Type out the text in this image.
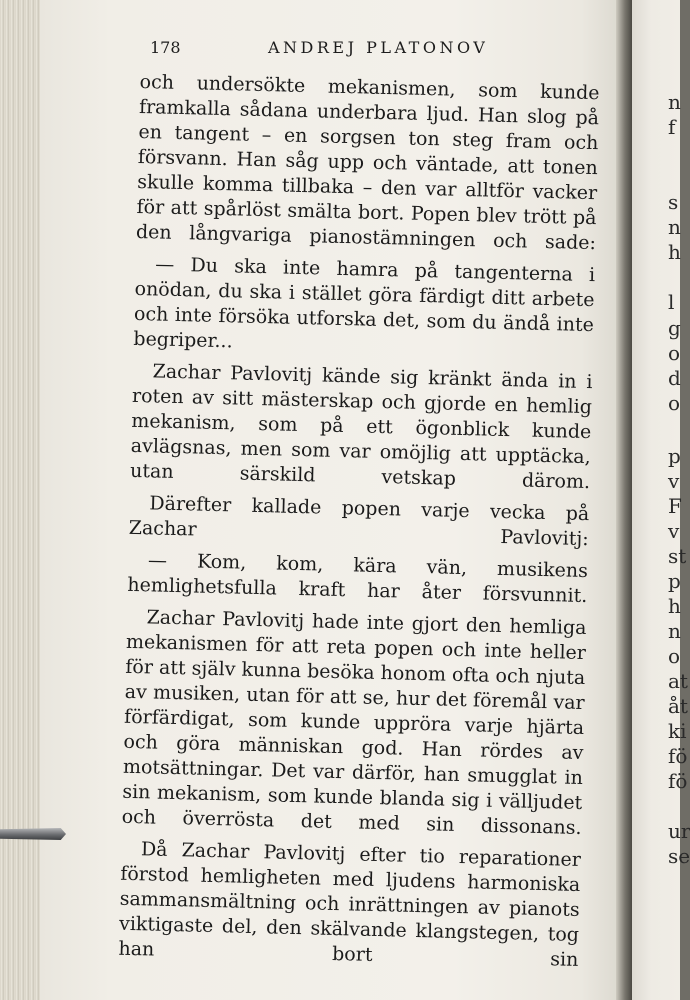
n
f
s
n
h
l
g
o
d
o
p
v
F
v
st
p
h
n
o
at
åt
ki
fö
fö
ur
se
178	ANDREJ PLATONOV

och undersökte mekanismen, som kunde framkalla sådana underbara ljud. Han slog på en tangent – en sorgsen ton steg fram och försvann. Han såg upp och väntade, att tonen skulle komma tillbaka – den var alltför vacker för att spårlöst smälta bort. Popen blev trött på den långvariga pianostämningen och sade:

— Du ska inte hamra på tangenterna i onödan, du ska i stället göra färdigt ditt arbete och inte försöka utforska det, som du ändå inte begriper...

Zachar Pavlovitj kände sig kränkt ända in i roten av sitt mästerskap och gjorde en hemlig mekanism, som på ett ögonblick kunde avlägsnas, men som var omöjlig att upptäcka, utan särskild vetskap därom.

Därefter kallade popen varje vecka på Zachar Pavlovitj:

— Kom, kom, kära vän, musikens hemlighetsfulla kraft har åter försvunnit.

Zachar Pavlovitj hade inte gjort den hemliga mekanismen för att reta popen och inte heller för att själv kunna besöka honom ofta och njuta av musiken, utan för att se, hur det föremål var förfärdigat, som kunde uppröra varje hjärta och göra människan god. Han rördes av motsättningar. Det var därför, han smugglat in sin mekanism, som kunde blanda sig i välljudet och överrösta det med sin dissonans.

Då Zachar Pavlovitj efter tio reparationer förstod hemligheten med ljudens harmoniska sammansmältning och inrättningen av pianots viktigaste del, den skälvande klangstegen, tog han bort sin
